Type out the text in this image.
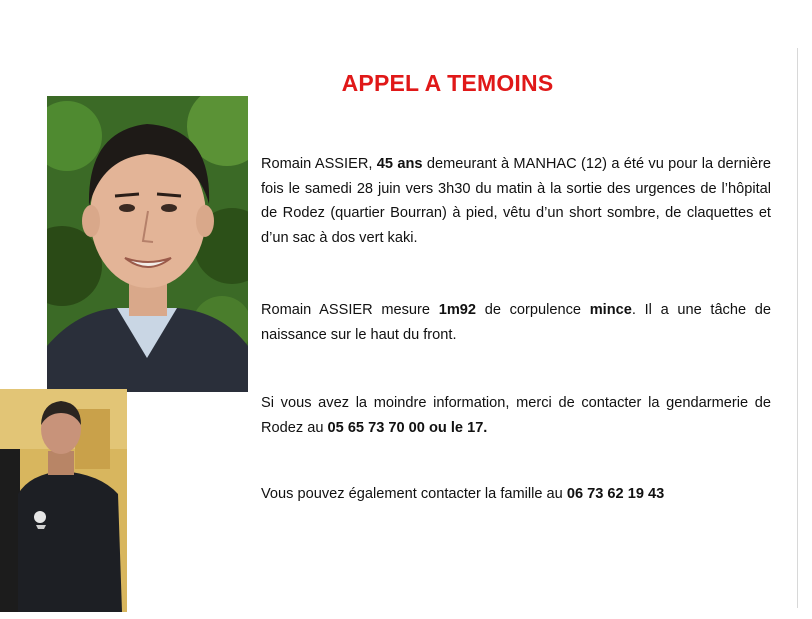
APPEL A TEMOINS
Romain ASSIER, 45 ans demeurant à MANHAC (12) a été vu pour la dernière fois le samedi 28 juin vers 3h30 du matin à la sortie des urgences de l’hôpital de Rodez (quartier Bourran) à pied, vêtu d’un short sombre, de claquettes et d’un sac à dos vert kaki.
Romain ASSIER mesure 1m92 de corpulence mince. Il a une tâche de naissance sur le haut du front.
Si vous avez la moindre information, merci de contacter la gendarmerie de Rodez au 05 65 73 70 00 ou le 17.
Vous pouvez également contacter la famille au 06 73 62 19 43
